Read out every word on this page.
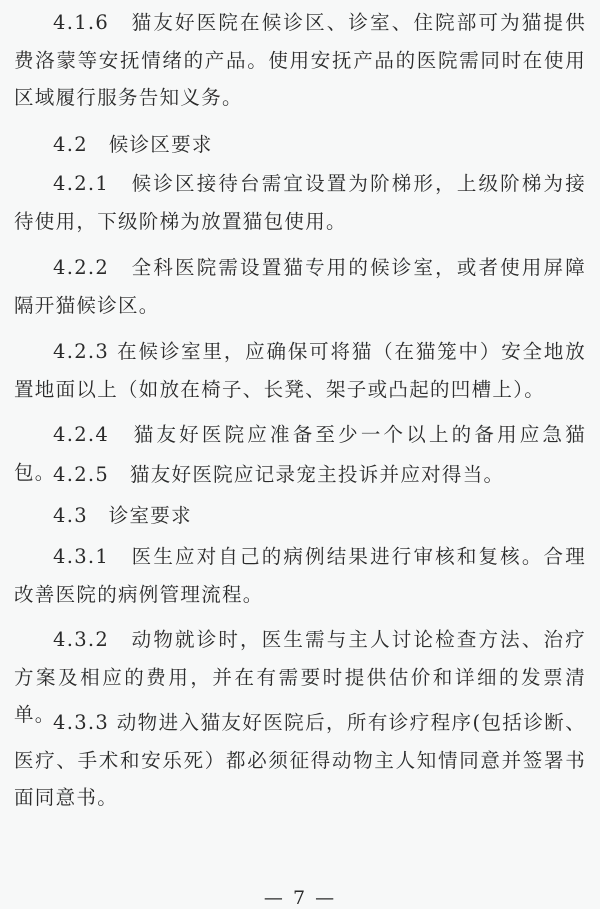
4.1.6　猫友好医院在候诊区、诊室、住院部可为猫提供费洛蒙等安抚情绪的产品。使用安抚产品的医院需同时在使用区域履行服务告知义务。

4.2　候诊区要求

4.2.1　候诊区接待台需宜设置为阶梯形，上级阶梯为接待使用，下级阶梯为放置猫包使用。

4.2.2　全科医院需设置猫专用的候诊室，或者使用屏障隔开猫候诊区。

4.2.3 在候诊室里，应确保可将猫（在猫笼中）安全地放置地面以上（如放在椅子、长凳、架子或凸起的凹槽上）。

4.2.4　猫友好医院应准备至少一个以上的备用应急猫包。

4.2.5　猫友好医院应记录宠主投诉并应对得当。

4.3　诊室要求

4.3.1　医生应对自己的病例结果进行审核和复核。合理改善医院的病例管理流程。

4.3.2　动物就诊时，医生需与主人讨论检查方法、治疗方案及相应的费用，并在有需要时提供估价和详细的发票清单。

4.3.3 动物进入猫友好医院后，所有诊疗程序(包括诊断、医疗、手术和安乐死）都必须征得动物主人知情同意并签署书面同意书。

— 7 —
